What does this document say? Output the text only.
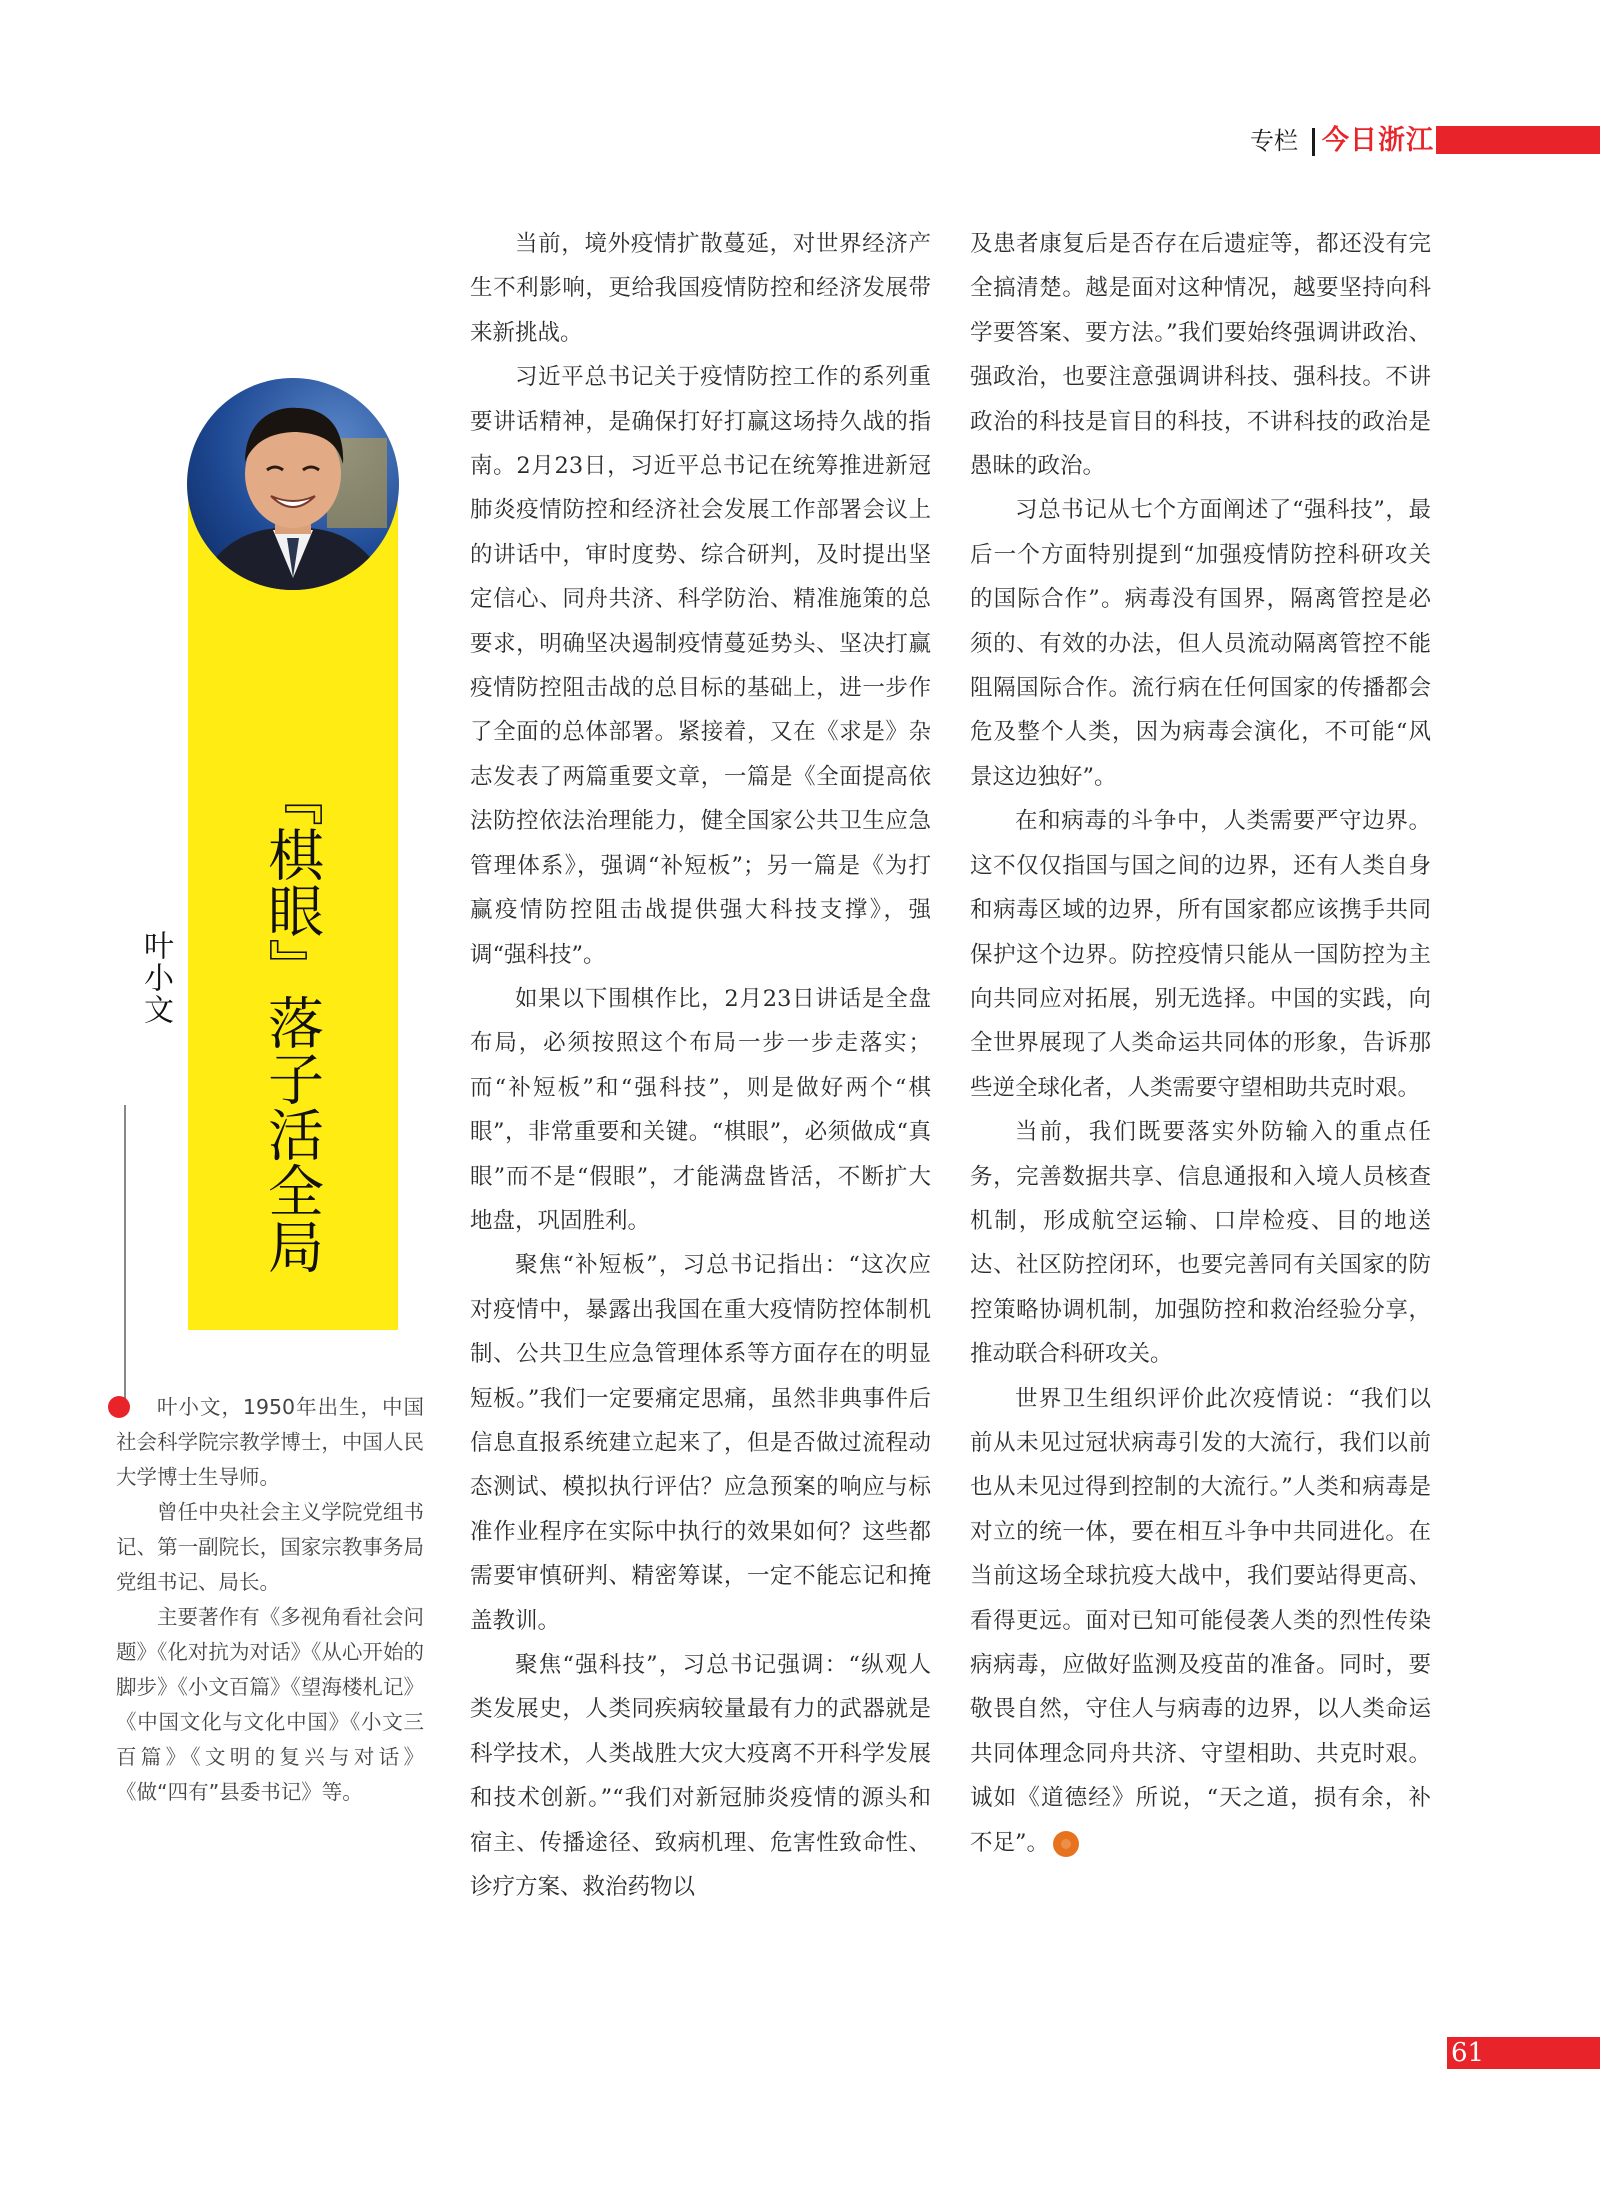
专栏 今日浙江
『棋眼』落子活全局
叶小文

叶小文，1950年出生，中国社会科学院宗教学博士，中国人民大学博士生导师。

曾任中央社会主义学院党组书记、第一副院长，国家宗教事务局党组书记、局长。

主要著作有《多视角看社会问题》《化对抗为对话》《从心开始的脚步》《小文百篇》《望海楼札记》《中国文化与文化中国》《小文三百篇》《文明的复兴与对话》《做“四有”县委书记》等。

当前，境外疫情扩散蔓延，对世界经济产生不利影响，更给我国疫情防控和经济发展带来新挑战。

习近平总书记关于疫情防控工作的系列重要讲话精神，是确保打好打赢这场持久战的指南。2月23日，习近平总书记在统筹推进新冠肺炎疫情防控和经济社会发展工作部署会议上的讲话中，审时度势、综合研判，及时提出坚定信心、同舟共济、科学防治、精准施策的总要求，明确坚决遏制疫情蔓延势头、坚决打赢疫情防控阻击战的总目标的基础上，进一步作了全面的总体部署。紧接着，又在《求是》杂志发表了两篇重要文章，一篇是《全面提高依法防控依法治理能力，健全国家公共卫生应急管理体系》，强调“补短板”；另一篇是《为打赢疫情防控阻击战提供强大科技支撑》，强调“强科技”。

如果以下围棋作比，2月23日讲话是全盘布局，必须按照这个布局一步一步走落实；而“补短板”和“强科技”，则是做好两个“棋眼”，非常重要和关键。“棋眼”，必须做成“真眼”而不是“假眼”，才能满盘皆活，不断扩大地盘，巩固胜利。

聚焦“补短板”，习总书记指出：“这次应对疫情中，暴露出我国在重大疫情防控体制机制、公共卫生应急管理体系等方面存在的明显短板。”我们一定要痛定思痛，虽然非典事件后信息直报系统建立起来了，但是否做过流程动态测试、模拟执行评估？应急预案的响应与标准作业程序在实际中执行的效果如何？这些都需要审慎研判、精密筹谋，一定不能忘记和掩盖教训。

聚焦“强科技”，习总书记强调：“纵观人类发展史，人类同疾病较量最有力的武器就是科学技术，人类战胜大灾大疫离不开科学发展和技术创新。”“我们对新冠肺炎疫情的源头和宿主、传播途径、致病机理、危害性致命性、诊疗方案、救治药物以

及患者康复后是否存在后遗症等，都还没有完全搞清楚。越是面对这种情况，越要坚持向科学要答案、要方法。”我们要始终强调讲政治、强政治，也要注意强调讲科技、强科技。不讲政治的科技是盲目的科技，不讲科技的政治是愚昧的政治。

习总书记从七个方面阐述了“强科技”，最后一个方面特别提到“加强疫情防控科研攻关的国际合作”。病毒没有国界，隔离管控是必须的、有效的办法，但人员流动隔离管控不能阻隔国际合作。流行病在任何国家的传播都会危及整个人类，因为病毒会演化，不可能“风景这边独好”。

在和病毒的斗争中，人类需要严守边界。这不仅仅指国与国之间的边界，还有人类自身和病毒区域的边界，所有国家都应该携手共同保护这个边界。防控疫情只能从一国防控为主向共同应对拓展，别无选择。中国的实践，向全世界展现了人类命运共同体的形象，告诉那些逆全球化者，人类需要守望相助共克时艰。

当前，我们既要落实外防输入的重点任务，完善数据共享、信息通报和入境人员核查机制，形成航空运输、口岸检疫、目的地送达、社区防控闭环，也要完善同有关国家的防控策略协调机制，加强防控和救治经验分享，推动联合科研攻关。

世界卫生组织评价此次疫情说：“我们以前从未见过冠状病毒引发的大流行，我们以前也从未见过得到控制的大流行。”人类和病毒是对立的统一体，要在相互斗争中共同进化。在当前这场全球抗疫大战中，我们要站得更高、看得更远。面对已知可能侵袭人类的烈性传染病病毒，应做好监测及疫苗的准备。同时，要敬畏自然，守住人与病毒的边界，以人类命运共同体理念同舟共济、守望相助、共克时艰。诚如《道德经》所说，“天之道，损有余，补不足”。

61
